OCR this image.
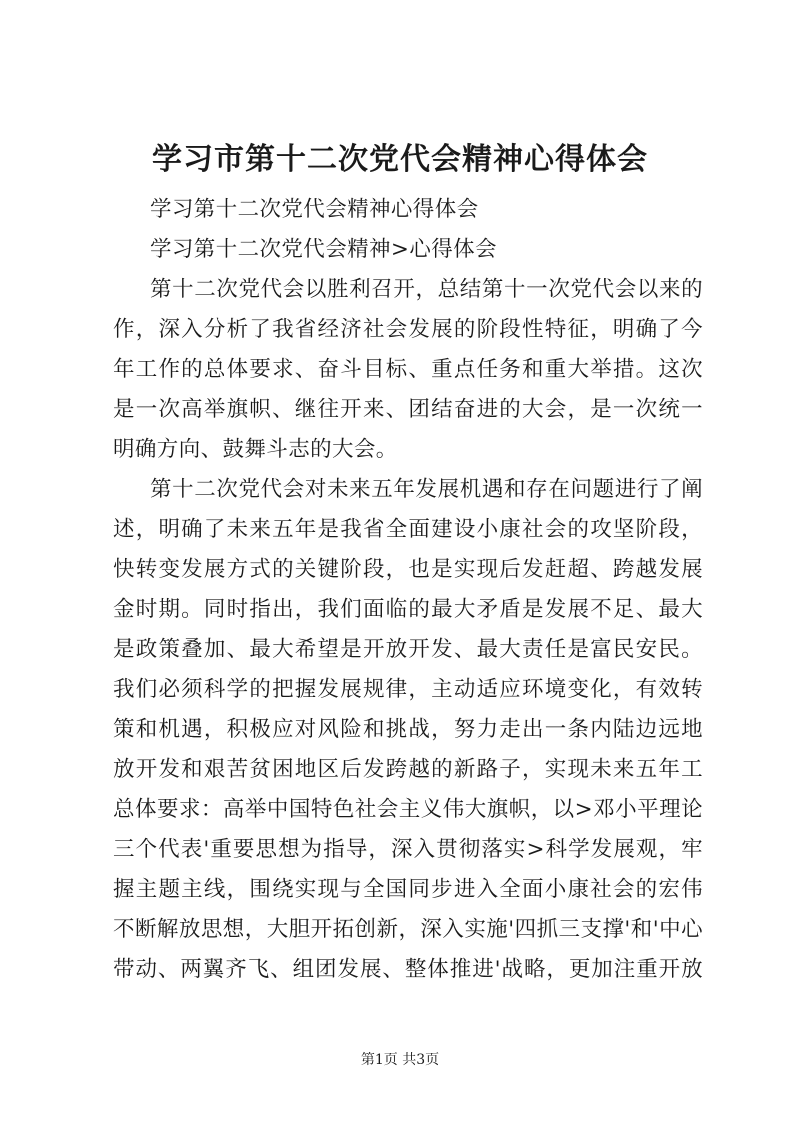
学习市第十二次党代会精神心得体会

学习第十二次党代会精神心得体会

学习第十二次党代会精神>心得体会

第十二次党代会以胜利召开，总结第十一次党代会以来的

作，深入分析了我省经济社会发展的阶段性特征，明确了今

年工作的总体要求、奋斗目标、重点任务和重大举措。这次

是一次高举旗帜、继往开来、团结奋进的大会，是一次统一

明确方向、鼓舞斗志的大会。

第十二次党代会对未来五年发展机遇和存在问题进行了阐

述，明确了未来五年是我省全面建设小康社会的攻坚阶段，

快转变发展方式的关键阶段，也是实现后发赶超、跨越发展

金时期。同时指出，我们面临的最大矛盾是发展不足、最大

是政策叠加、最大希望是开放开发、最大责任是富民安民。

我们必须科学的把握发展规律，主动适应环境变化，有效转

策和机遇，积极应对风险和挑战，努力走出一条内陆边远地

放开发和艰苦贫困地区后发跨越的新路子，实现未来五年工

总体要求：高举中国特色社会主义伟大旗帜，以>邓小平理论

三个代表'重要思想为指导，深入贯彻落实>科学发展观，牢

握主题主线，围绕实现与全国同步进入全面小康社会的宏伟

不断解放思想，大胆开拓创新，深入实施'四抓三支撑'和'中心

带动、两翼齐飞、组团发展、整体推进'战略，更加注重开放

第1页 共3页
